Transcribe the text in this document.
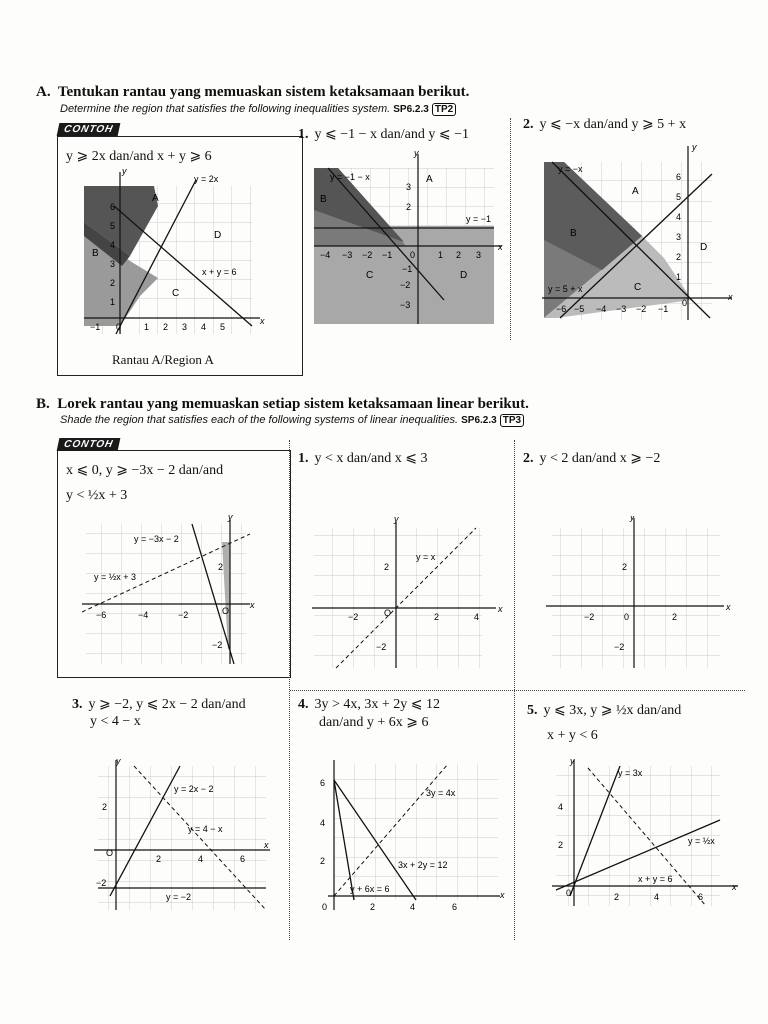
A. Tentukan rantau yang memuaskan sistem ketaksamaan berikut.
Determine the region that satisfies the following inequalities system. SP6.2.3 TP2
CONTOH
y ⩾ 2x dan/and x + y ⩾ 6
y = 2x
x + y = 6
A
B
C
D
y
x
6
5
4
3
2
1
−1 0	1 2 3 4 5
Rantau A/Region A
1. y ⩽ −1 − x dan/and y ⩽ −1
y = −1 − x
y = −1
A
B
C	D
y
x
3
2
−4 −3 −2 −1 0	1 2 3
−1
−2
−3
2. y ⩽ −x dan/and y ⩾ 5 + x
y = −x
y = 5 + x
A
B
C
D
y
x
6
5
4
3
2
1
−6 −5 −4 −3 −2 −1
0
B. Lorek rantau yang memuaskan setiap sistem ketaksamaan linear berikut.
Shade the region that satisfies each of the following systems of linear inequalities. SP6.2.3 TP3
CONTOH
x ⩽ 0, y ⩾ −3x − 2 dan/and
y < ½x + 3
y = −3x − 2
y = ½x + 3
y
x
−6	−4	−2	O
2
−2
1. y < x dan/and x ⩽ 3
y = x
y
x
−2	O	2	4
2
−2
2. y < 2 dan/and x ⩾ −2
y
x
−2	0	2
2
−2
3. y ⩾ −2, y ⩽ 2x − 2 dan/and
y < 4 − x
y = 2x − 2
y = 4 − x
y = −2
y
x
O
2	4	6
2
−2
4. 3y > 4x, 3x + 2y ⩽ 12
dan/and y + 6x ⩾ 6
3y = 4x
3x + 2y = 12
y + 6x = 6
x
6
4
2
0	2	4	6
5. y ⩽ 3x, y ⩾ ½x dan/and
x + y < 6
y = 3x
y = ½x
x + y = 6
y
x
4
2
0	2	4	6
